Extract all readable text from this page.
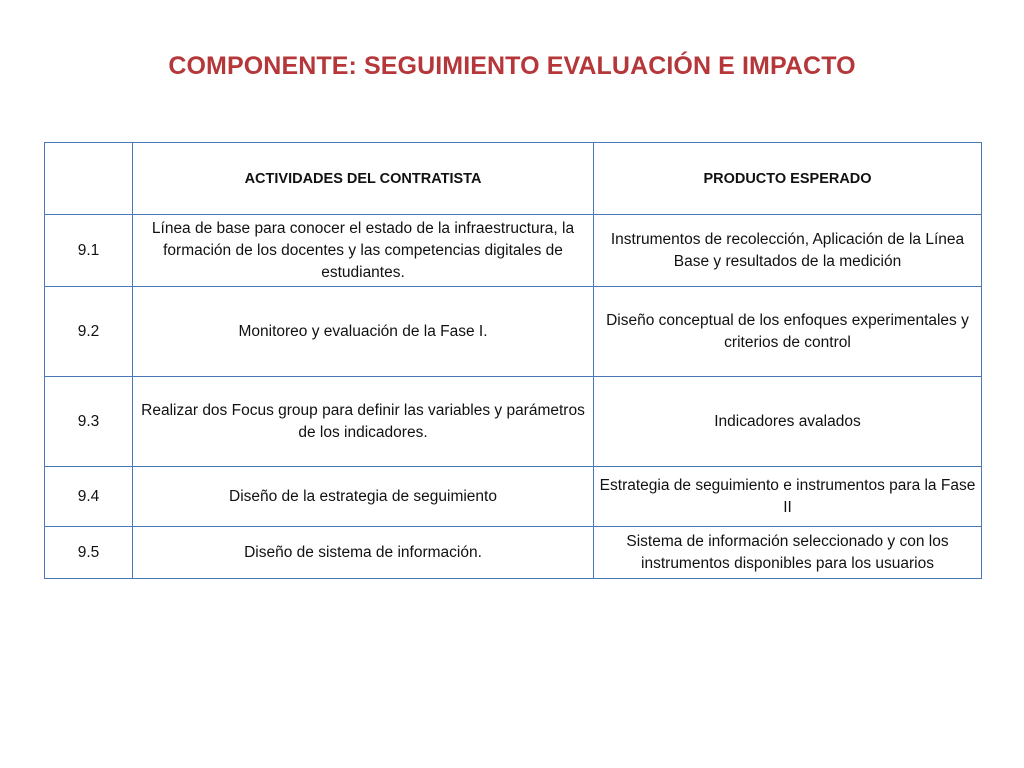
COMPONENTE: SEGUIMIENTO EVALUACIÓN E IMPACTO
	ACTIVIDADES DEL CONTRATISTA	PRODUCTO ESPERADO
9.1	Línea de base para conocer el estado de la infraestructura, la formación de los docentes y las competencias digitales de estudiantes.	Instrumentos de recolección, Aplicación de la Línea Base y resultados de la medición
9.2	Monitoreo y evaluación de la Fase I.	Diseño conceptual de los enfoques experimentales y criterios de control
9.3	Realizar dos Focus group para definir las variables y parámetros de los indicadores.	Indicadores avalados
9.4	Diseño de la estrategia de seguimiento	Estrategia de seguimiento e instrumentos para la Fase II
9.5	Diseño de sistema de información.	Sistema de información seleccionado y con los instrumentos disponibles para los usuarios
